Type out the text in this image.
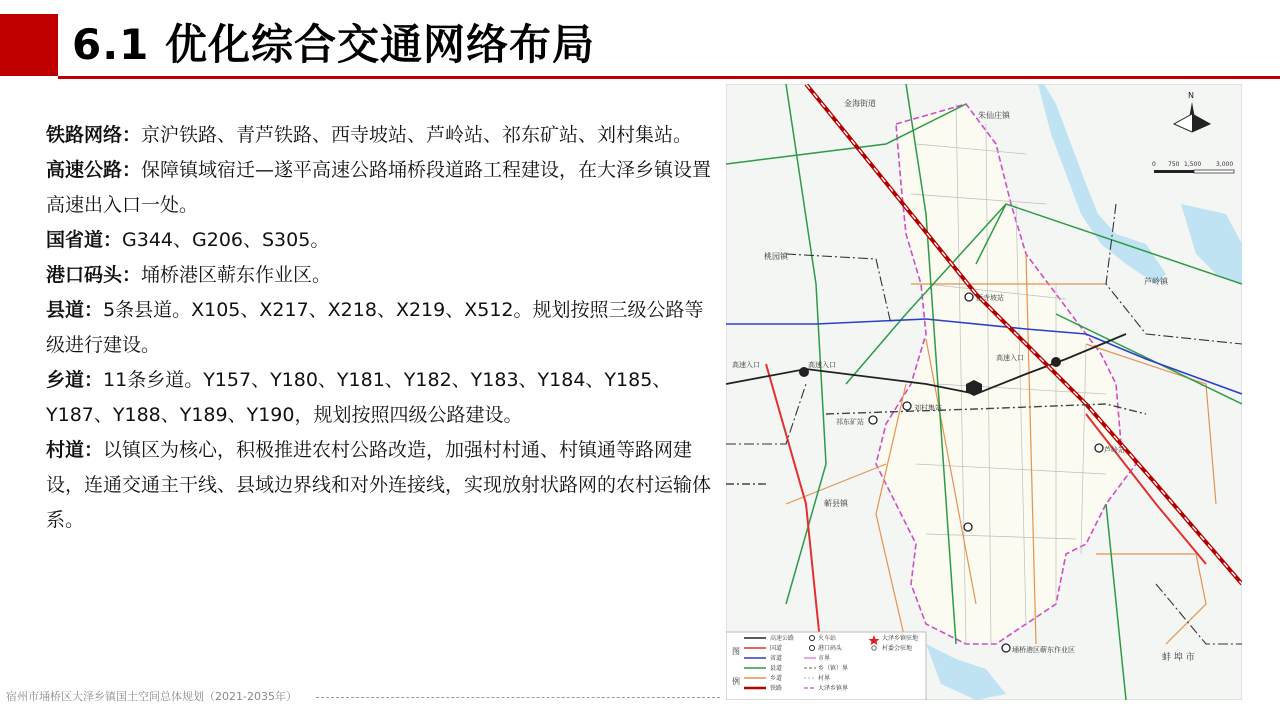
6.1 优化综合交通网络布局

铁路网络：京沪铁路、青芦铁路、西寺坡站、芦岭站、祁东矿站、刘村集站。

高速公路：保障镇域宿迁—遂平高速公路埇桥段道路工程建设，在大泽乡镇设置高速出入口一处。

国省道：G344、G206、S305。

港口码头：埇桥港区蕲东作业区。

县道：5条县道。X105、X217、X218、X219、X512。规划按照三级公路等级进行建设。

乡道：11条乡道。Y157、Y180、Y181、Y182、Y183、Y184、Y185、Y187、Y188、Y189、Y190，规划按照四级公路建设。

村道：以镇区为核心，积极推进农村公路改造，加强村村通、村镇通等路网建设，连通交通主干线、县域边界线和对外连接线，实现放射状路网的农村运输体系。

金海街道
朱仙庄镇
桃园镇
芦岭镇
蕲县镇
蚌 埠 市
高速入口	高速入口
高速入口
西寺坡站
刘村集站
祁东矿站
芦岭站
埇桥港区蕲东作业区
N
0 750 1,500 3,000
图
例
高速公路
国道
省道
县道
乡道
铁路
火车站
港口码头
市界
乡（镇）界
村界
大泽乡镇界
大泽乡镇驻地
村委会驻地
宿州市埇桥区大泽乡镇国土空间总体规划（2021-2035年）
